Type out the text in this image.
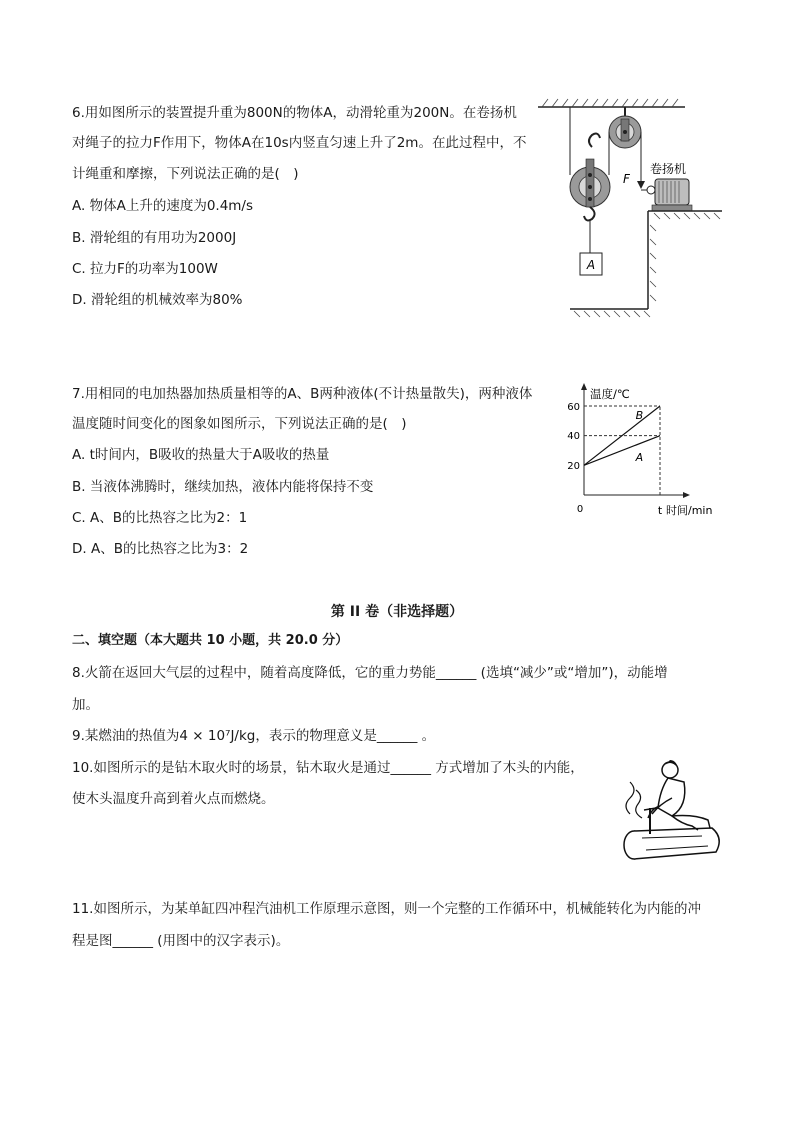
6.用如图所示的装置提升重为800N的物体A，动滑轮重为200N。在卷扬机
对绳子的拉力F作用下，物体A在10s内竖直匀速上升了2m。在此过程中，不
计绳重和摩擦，下列说法正确的是(　)
A. 物体A上升的速度为0.4m/s
B. 滑轮组的有用功为2000J
C. 拉力F的功率为100W
D. 滑轮组的机械效率为80%
A
F
卷扬机
7.用相同的电加热器加热质量相等的A、B两种液体(不计热量散失)，两种液体
温度随时间变化的图象如图所示，下列说法正确的是(　)
A. t时间内，B吸收的热量大于A吸收的热量
B. 当液体沸腾时，继续加热，液体内能将保持不变
C. A、B的比热容之比为2：1
D. A、B的比热容之比为3：2
温度/℃
时间/min
0	t
20
40
60
A
B
第 II 卷（非选择题）
二、填空题（本大题共 10 小题，共 20.0 分）
8.火箭在返回大气层的过程中，随着高度降低，它的重力势能______ (选填“减少”或“增加”)，动能增
加。
9.某燃油的热值为4 × 10⁷J/kg，表示的物理意义是______ 。
10.如图所示的是钻木取火时的场景，钻木取火是通过______ 方式增加了木头的内能，
使木头温度升高到着火点而燃烧。
11.如图所示，为某单缸四冲程汽油机工作原理示意图，则一个完整的工作循环中，机械能转化为内能的冲
程是图______ (用图中的汉字表示)。
